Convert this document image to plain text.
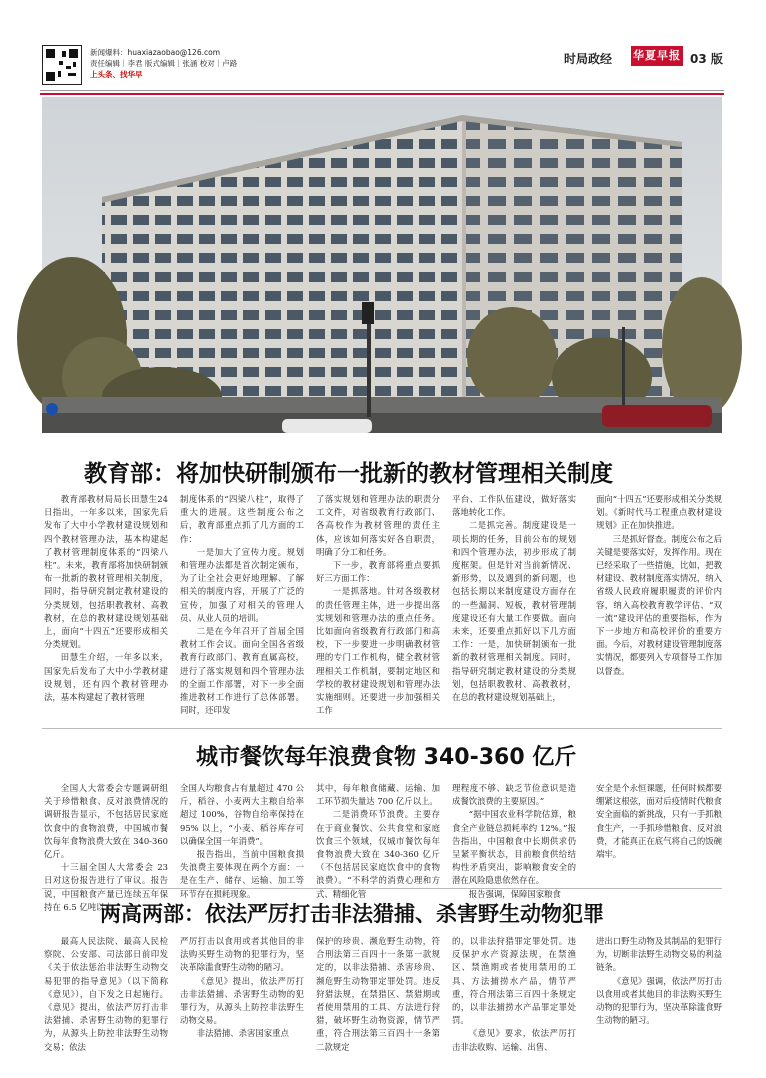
新闻爆料：huaxiazaobao@126.com
责任编辑｜李君 版式编辑｜张涵 校对｜卢路
上头条、找华早
时局政经 华夏早报 03 版
教育部：将加快研制颁布一批新的教材管理相关制度

教育部教材局局长田慧生24日指出，一年多以来，国家先后发布了大中小学教材建设规划和四个教材管理办法，基本构建起了教材管理制度体系的“四梁八柱”。未来，教育部将加快研制颁布一批新的教材管理相关制度，同时，指导研究制定教材建设的分类规划，包括职教教材、高教教材，在总的教材建设规划基础上，面向“十四五”还要形成相关分类规划。

田慧生介绍，一年多以来，国家先后发布了大中小学教材建设规划，还有四个教材管理办法，基本构建起了教材管理

制度体系的“四梁八柱”，取得了重大的进展。这些制度公布之后，教育部重点抓了几方面的工作：

一是加大了宣传力度。规划和管理办法都是首次制定颁布，为了让全社会更好地理解、了解相关的制度内容，开展了广泛的宣传，加强了对相关的管理人员、从业人员的培训。

二是在今年召开了首届全国教材工作会议。面向全国各省级教育行政部门、教育直属高校，进行了落实规划和四个管理办法的全面工作部署，对下一步全面推进教材工作进行了总体部署。同时，还印发

了落实规划和管理办法的职责分工文件，对省级教育行政部门、各高校作为教材管理的责任主体，应该如何落实好各自职责，明确了分工和任务。

下一步，教育部将重点要抓好三方面工作：

一是抓落地。针对各级教材的责任管理主体，进一步提出落实规划和管理办法的重点任务。比如面向省级教育行政部门和高校，下一步要进一步明确教材管理的专门工作机构，健全教材管理相关工作机制，要制定地区和学校的教材建设规划和管理办法实施细则。还要进一步加强相关工作

平台、工作队伍建设，做好落实落地转化工作。

二是抓完善。制度建设是一项长期的任务，目前公布的规划和四个管理办法，初步形成了制度框架。但是针对当前新情况、新形势，以及遇到的新问题，也包括长期以来制度建设方面存在的一些漏洞、短板，教材管理制度建设还有大量工作要做。面向未来，还要重点抓好以下几方面工作：一是，加快研制颁布一批新的教材管理相关制度。同时，指导研究制定教材建设的分类规划，包括职教教材、高教教材，在总的教材建设规划基础上，

面向“十四五”还要形成相关分类规划。《新时代马工程重点教材建设规划》正在加快推进。

三是抓好督查。制度公布之后关键是要落实好，发挥作用。现在已经采取了一些措施，比如，把教材建设、教材制度落实情况，纳入省级人民政府履职履责的评价内容，纳入高校教育教学评估、“双一流”建设评估的重要指标，作为下一步地方和高校评价的重要方面。今后，对教材建设管理制度落实情况，都要列入专项督导工作加以督查。

城市餐饮每年浪费食物 340-360 亿斤

全国人大常委会专题调研组关于珍惜粮食、反对浪费情况的调研报告显示，不包括居民家庭饮食中的食物浪费，中国城市餐饮每年食物浪费大致在 340-360 亿斤。

十三届全国人大常委会 23 日对这份报告进行了审议。报告说，中国粮食产量已连续五年保持在 6.5 亿吨以上，

全国人均粮食占有量超过 470 公斤，稻谷、小麦两大主粮自给率超过 100%，谷物自给率保持在 95% 以上，“小麦、稻谷库存可以确保全国一年消费”。

报告指出，当前中国粮食损失浪费主要体现在两个方面：一是在生产、储存、运输、加工等环节存在损耗现象。

其中，每年粮食储藏、运输、加工环节损失量达 700 亿斤以上。

二是消费环节浪费。主要存在于商业餐饮、公共食堂和家庭饮食三个领域，仅城市餐饮每年食物浪费大致在 340-360 亿斤（不包括居民家庭饮食中的食物浪费）。“不科学的消费心理和方式、精细化管

理程度不够、缺乏节俭意识是造成餐饮浪费的主要原因。”

“据中国农业科学院估算，粮食全产业链总损耗率约 12%。”报告指出，中国粮食中长期供求仍呈紧平衡状态，目前粮食供给结构性矛盾突出，影响粮食安全的潜在风险隐患依然存在。

报告强调，保障国家粮食

安全是个永恒课题，任何时候都要绷紧这根弦，面对后疫情时代粮食安全面临的新挑战，只有一手抓粮食生产，一手抓珍惜粮食、反对浪费，才能真正在底气将自己的饭碗端牢。

两高两部：依法严厉打击非法猎捕、杀害野生动物犯罪

最高人民法院、最高人民检察院、公安部、司法部日前印发《关于依法惩治非法野生动物交易犯罪的指导意见》（以下简称《意见》），自下发之日起施行。《意见》提出，依法严厉打击非法猎捕、杀害野生动物的犯罪行为，从源头上防控非法野生动物交易；依法

严厉打击以食用或者其他目的非法购买野生动物的犯罪行为，坚决革除滥食野生动物的陋习。

《意见》提出，依法严厉打击非法猎捕、杀害野生动物的犯罪行为，从源头上防控非法野生动物交易。

非法猎捕、杀害国家重点

保护的珍贵、濒危野生动物，符合刑法第三百四十一条第一款规定的，以非法猎捕、杀害珍贵、濒危野生动物罪定罪处罚。违反狩猎法规，在禁猎区、禁猎期或者使用禁用的工具、方法进行狩猎，破坏野生动物资源，情节严重，符合刑法第三百四十一条第二款规定

的，以非法狩猎罪定罪处罚。违反保护水产资源法规，在禁渔区、禁渔期或者使用禁用的工具、方法捕捞水产品，情节严重，符合刑法第三百四十条规定的，以非法捕捞水产品罪定罪处罚。

《意见》要求，依法严厉打击非法收购、运输、出售、

进出口野生动物及其制品的犯罪行为，切断非法野生动物交易的利益链条。

《意见》强调，依法严厉打击以食用或者其他目的非法购买野生动物的犯罪行为，坚决革除滥食野生动物的陋习。
